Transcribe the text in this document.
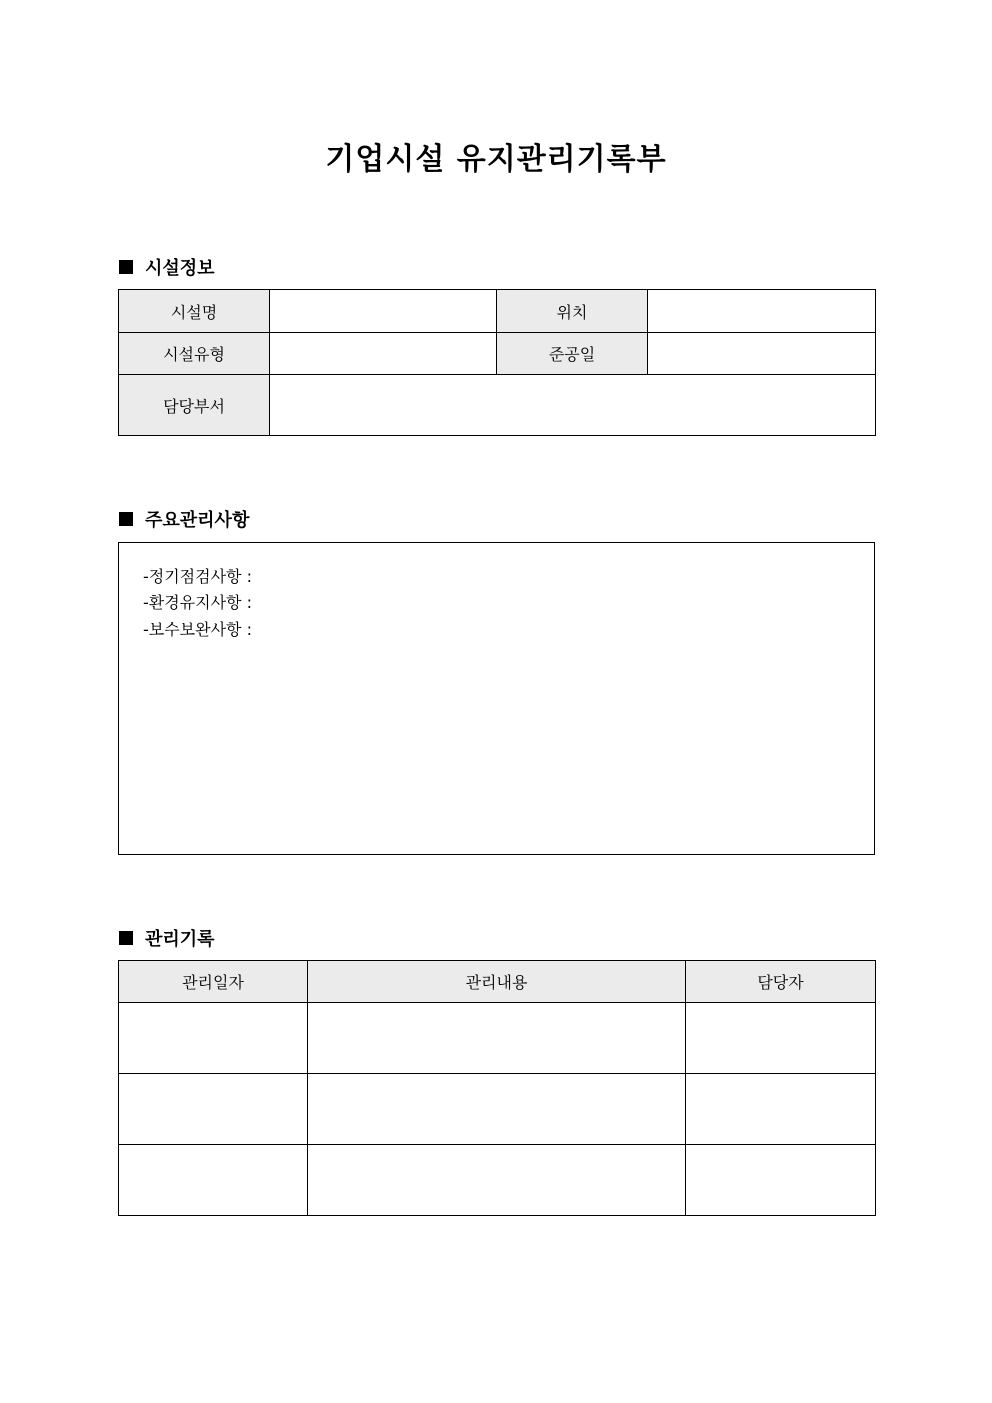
기업시설 유지관리기록부
시설정보
시설명		위치	
시설유형		준공일	
담당부서			
주요관리사항
-정기점검사항 :
-환경유지사항 :
-보수보완사항 :
관리기록
관리일자	관리내용	담당자
